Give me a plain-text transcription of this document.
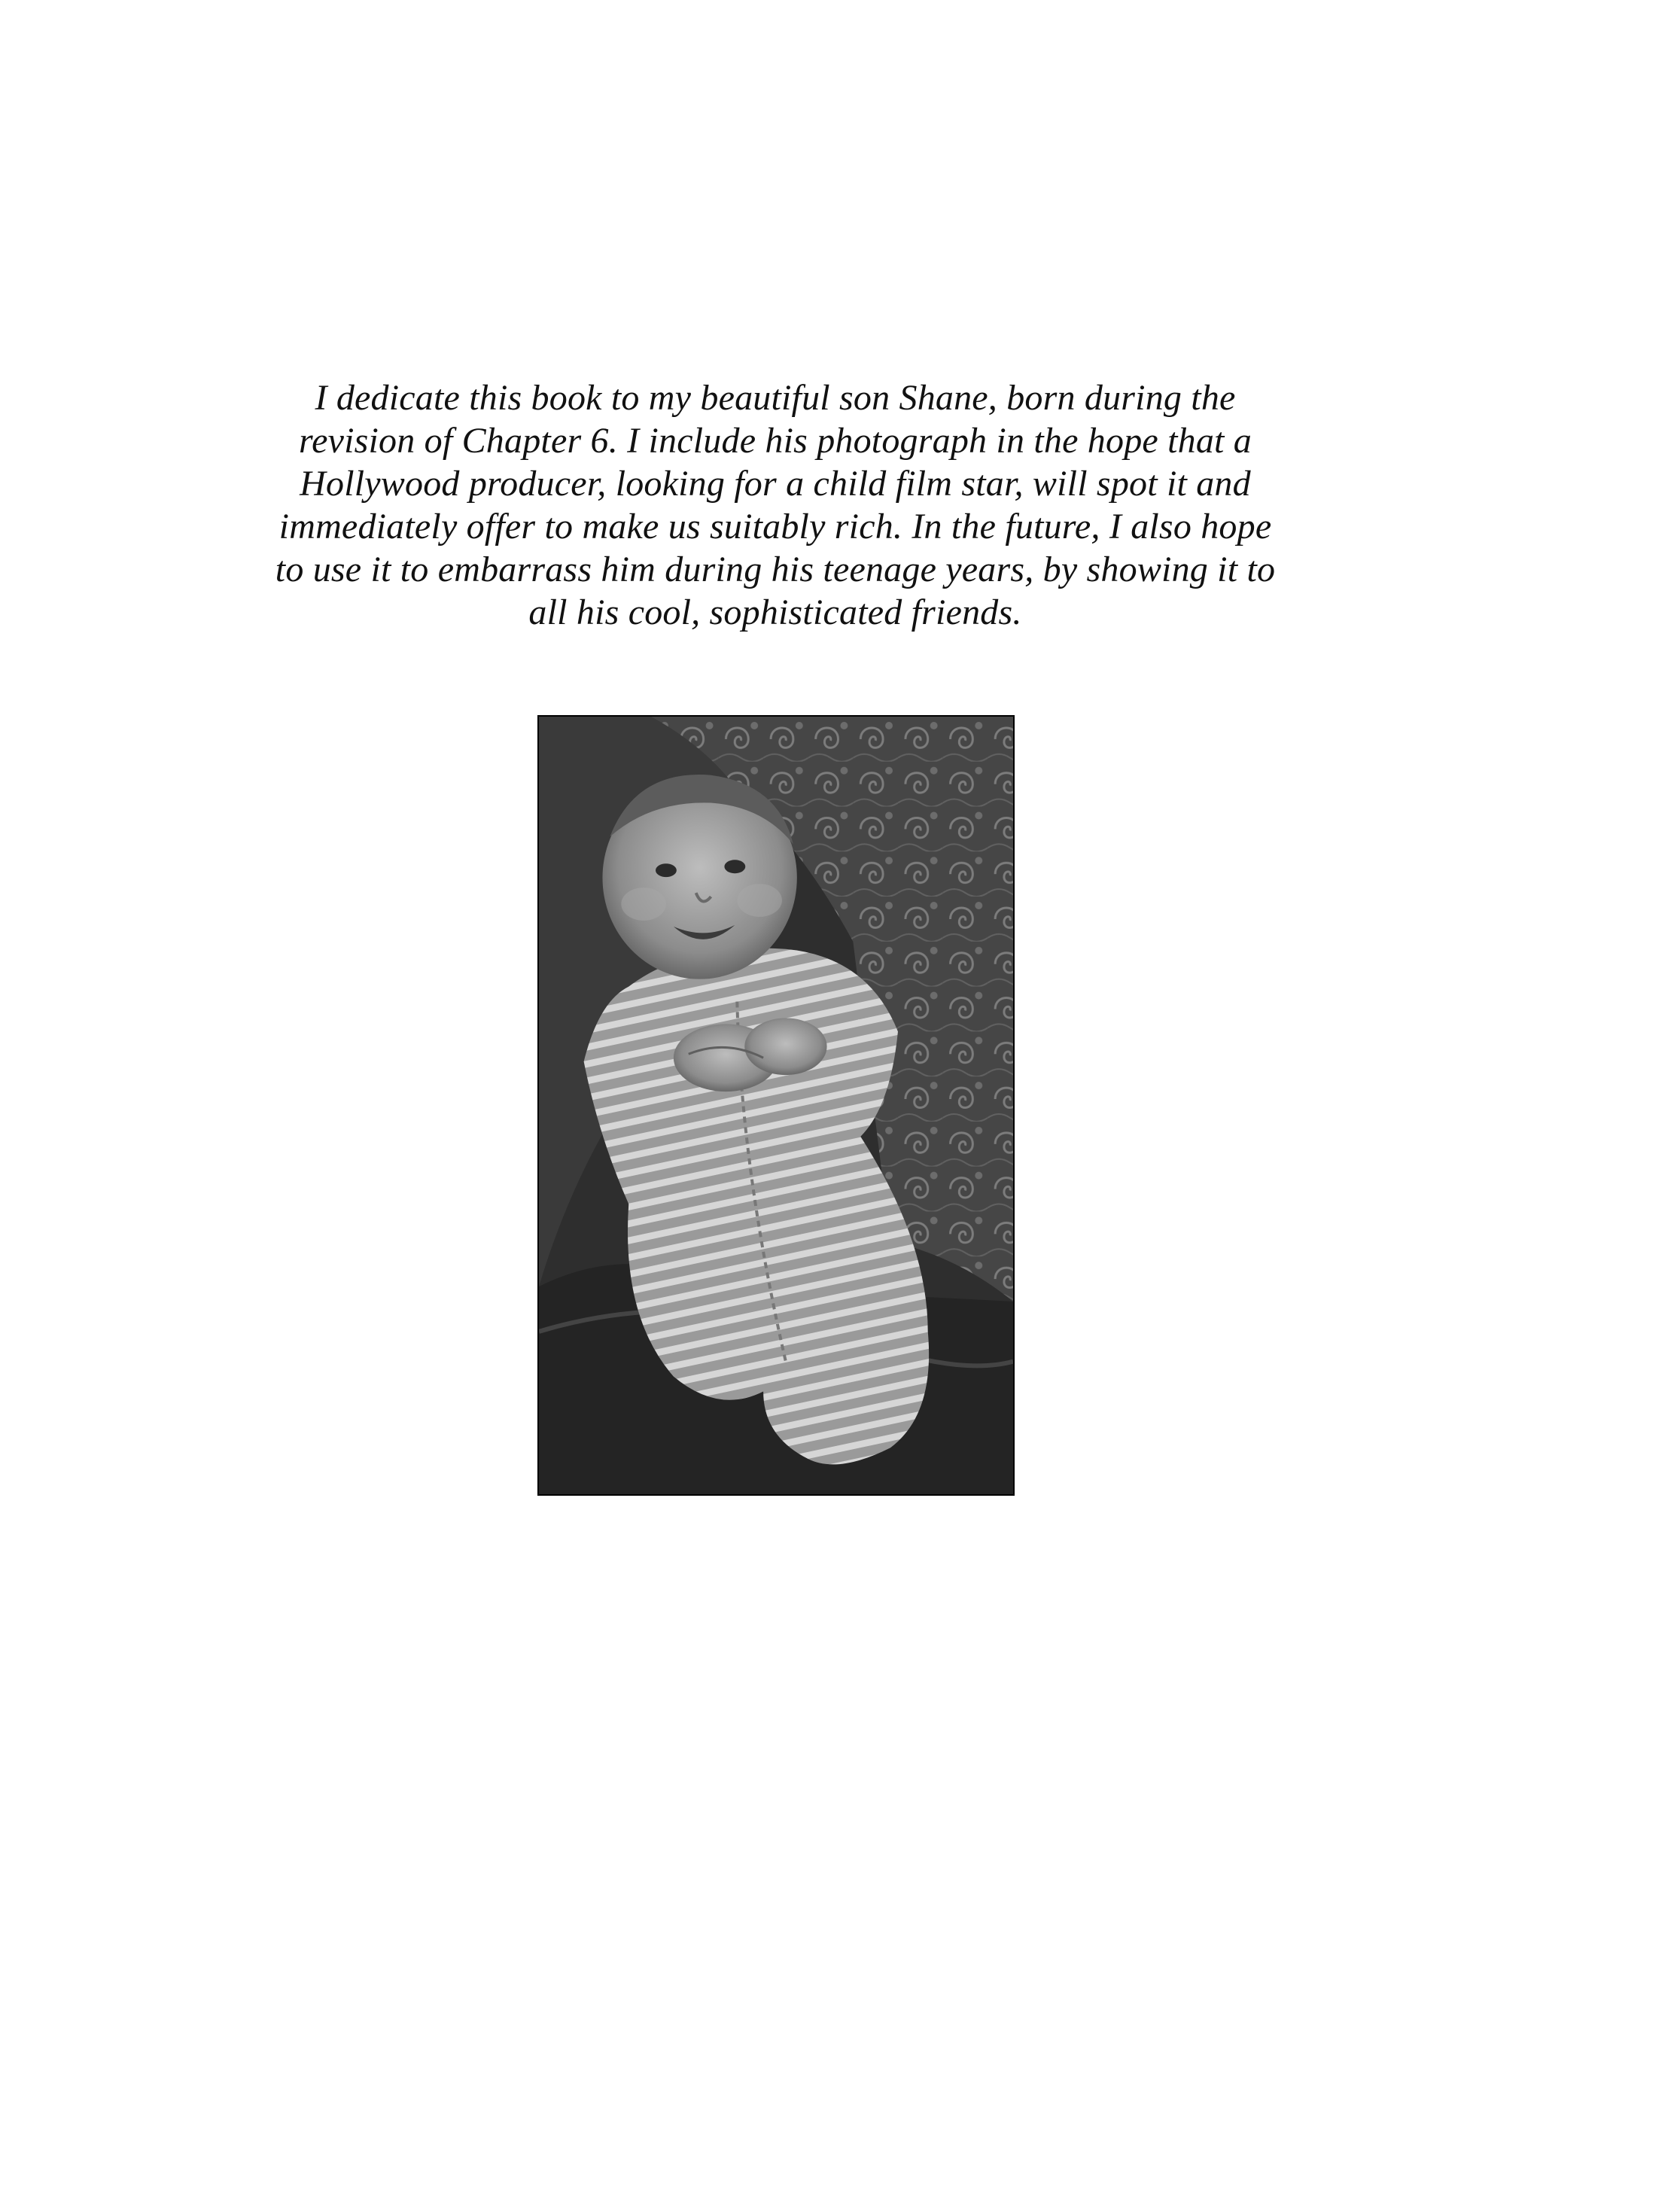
I dedicate this book to my beautiful son Shane, born during the
revision of Chapter 6. I include his photograph in the hope that a
Hollywood producer, looking for a child film star, will spot it and
immediately offer to make us suitably rich. In the future, I also hope
to use it to embarrass him during his teenage years, by showing it to
all his cool, sophisticated friends.
